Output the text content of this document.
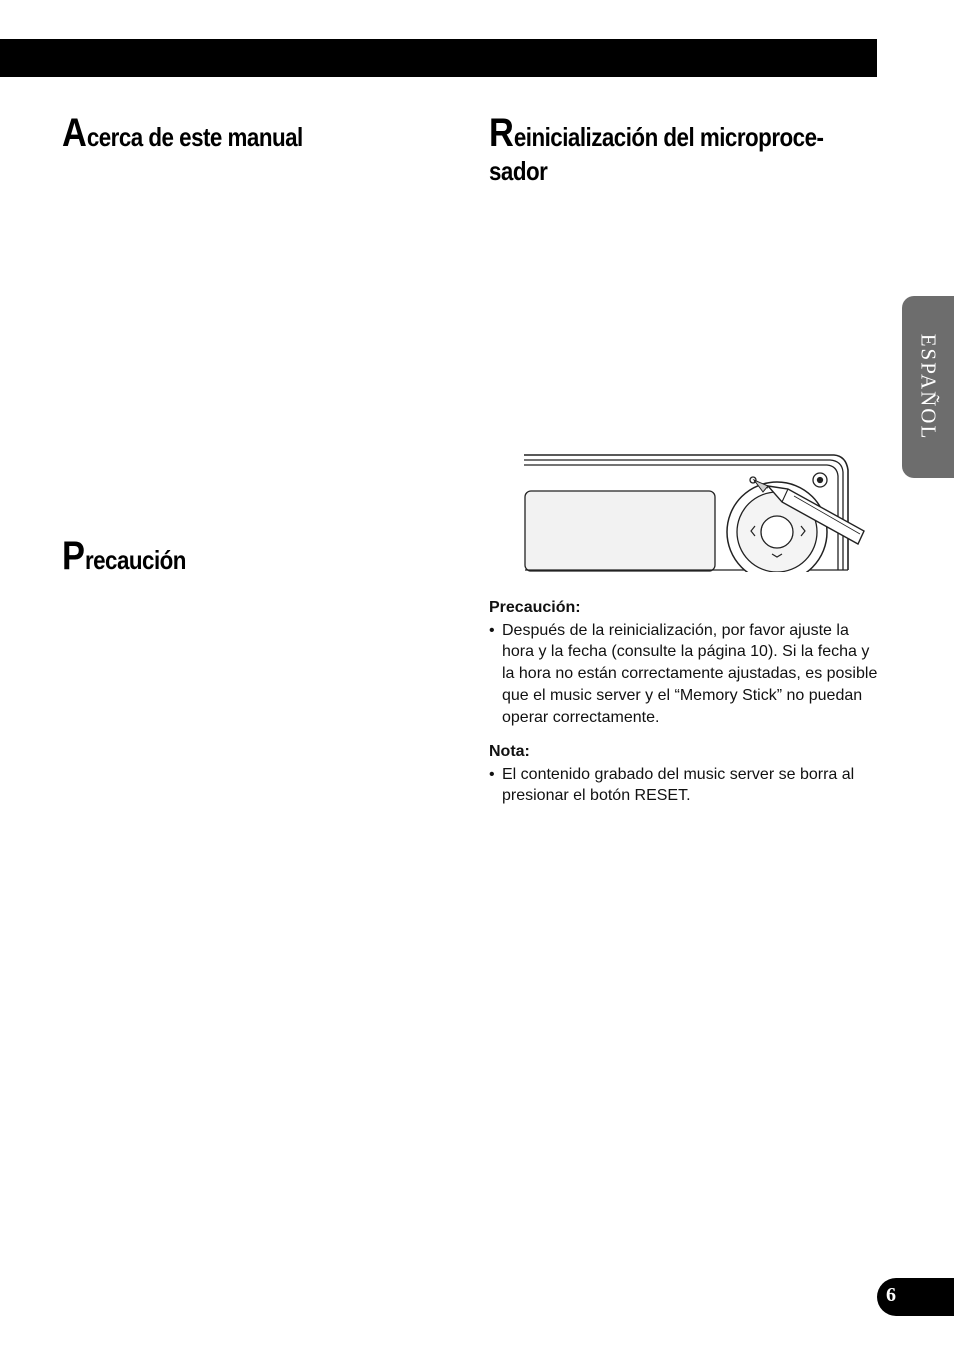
Acerca de este manual
Precaución
Reinicialización del microproce-
sador
ESPAÑOL

Precaución:

• Después de la reinicialización, por favor ajuste la
hora y la fecha (consulte la página 10). Si la fecha y
la hora no están correctamente ajustadas, es posible
que el music server y el “Memory Stick” no puedan
operar correctamente.

Nota:

• El contenido grabado del music server se borra al
presionar el botón RESET.
6
